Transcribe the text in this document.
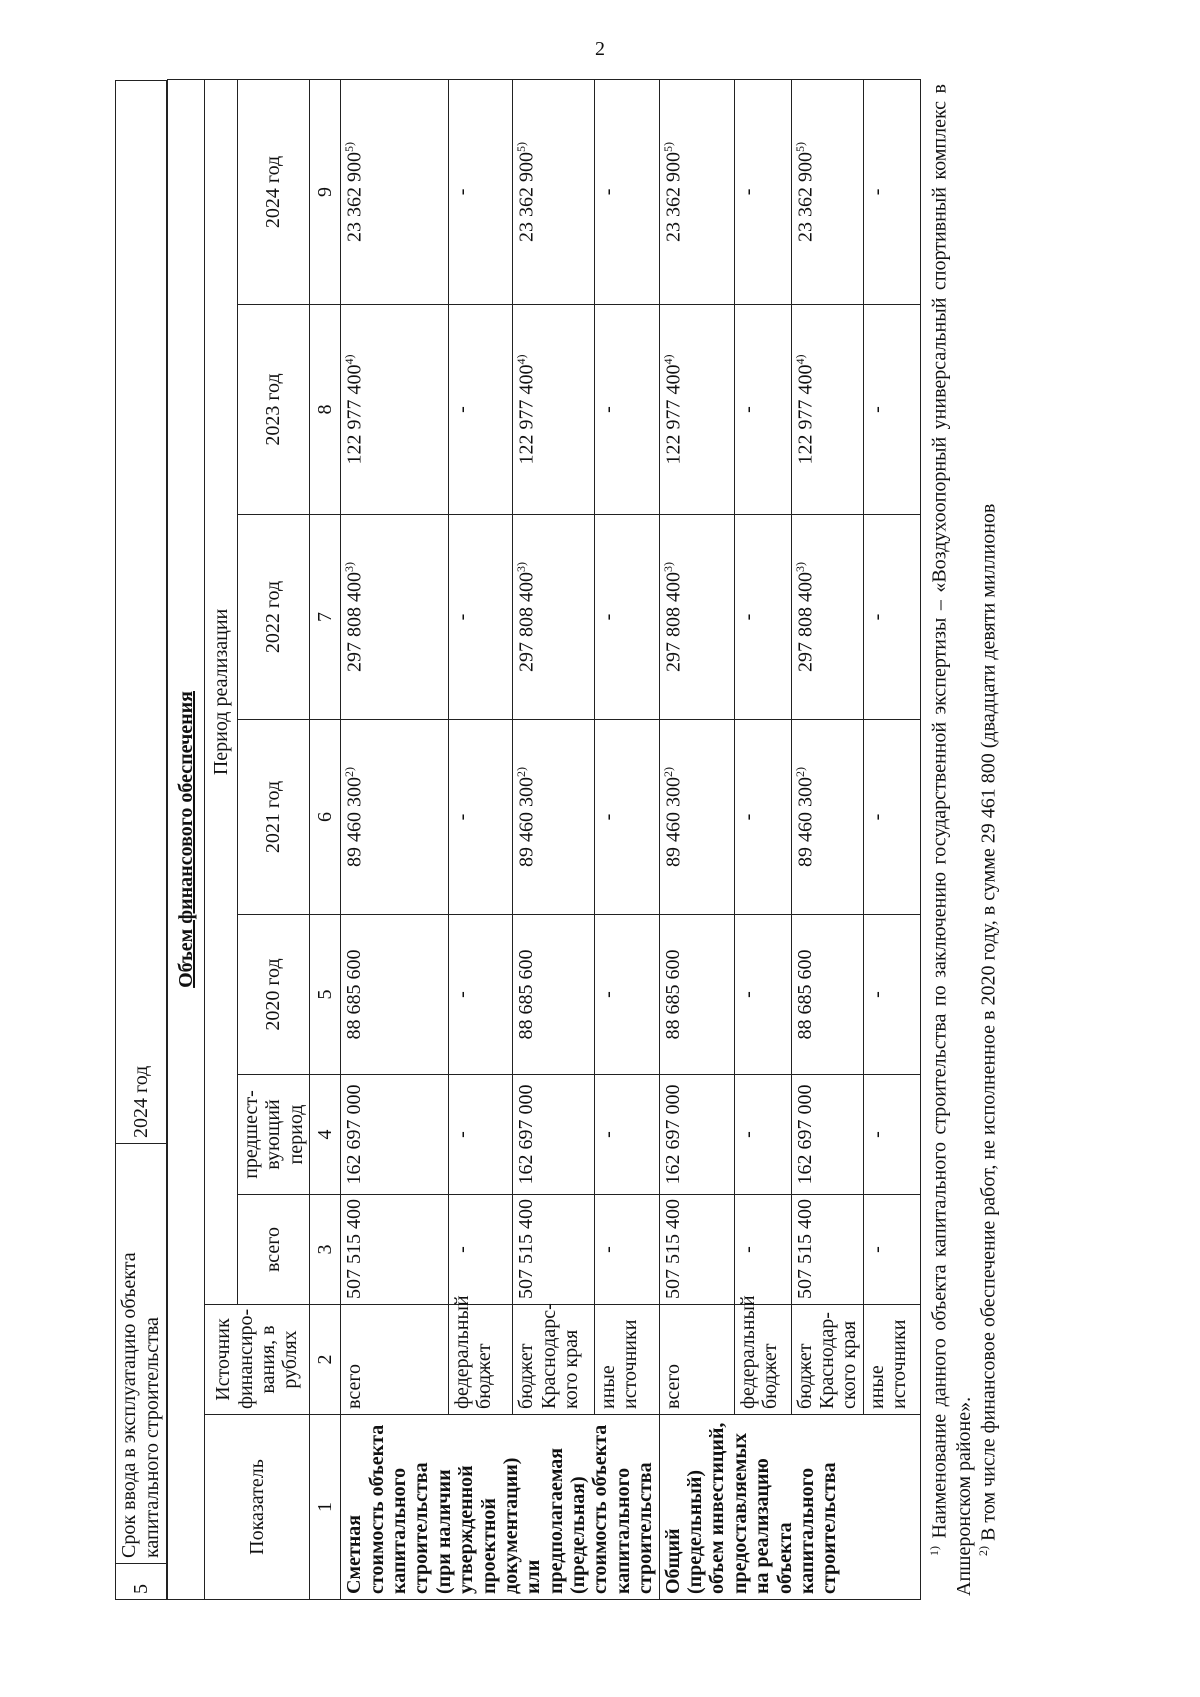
2
5	Срок ввода в эксплуатацию объекта капитального строительства	2024 год
Объем финансового обеспечения								
Показатель	Источник финансиро-вания, в рублях	Период реализации						
		всего	предшест-вующий период	2020 год	2021 год	2022 год	2023 год	2024 год
1	2	3	4	5	6	7	8	9
Сметная стоимость объекта капитального строительства (при наличии утвержденной проектной документации) или предполагаемая (предельная) стоимость объекта капитального строительства	всего	507 515 400	162 697 000	88 685 600	89 460 300$^{2)}$	297 808 400$^{3)}$	122 977 400$^{4)}$	23 362 900$^{5)}$
	федеральный бюджет	-	-	-	-	-	-	-
	бюджет Краснодарс-кого края	507 515 400	162 697 000	88 685 600	89 460 300$^{2)}$	297 808 400$^{3)}$	122 977 400$^{4)}$	23 362 900$^{5)}$
	иные источники	-	-	-	-	-	-	-
Общий (предельный) объем инвестиций, предоставляемых на реализацию объекта капитального строительства	всего	507 515 400	162 697 000	88 685 600	89 460 300$^{2)}$	297 808 400$^{3)}$	122 977 400$^{4)}$	23 362 900$^{5)}$
	федеральный бюджет	-	-	-	-	-	-	-
	бюджет Краснодар-ского края	507 515 400	162 697 000	88 685 600	89 460 300$^{2)}$	297 808 400$^{3)}$	122 977 400$^{4)}$	23 362 900$^{5)}$
	иные источники	-	-	-	-	-	-	-

$^{1)}$ Наименование данного объекта капитального строительства по заключению государственной экспертизы – «Воздухоопорный универсальный спортивный комплекс в Апшеронском районе». $^{2)}$ В том числе финансовое обеспечение работ, не исполненное в 2020 году, в сумме 29 461 800 (двадцати девяти миллионов
